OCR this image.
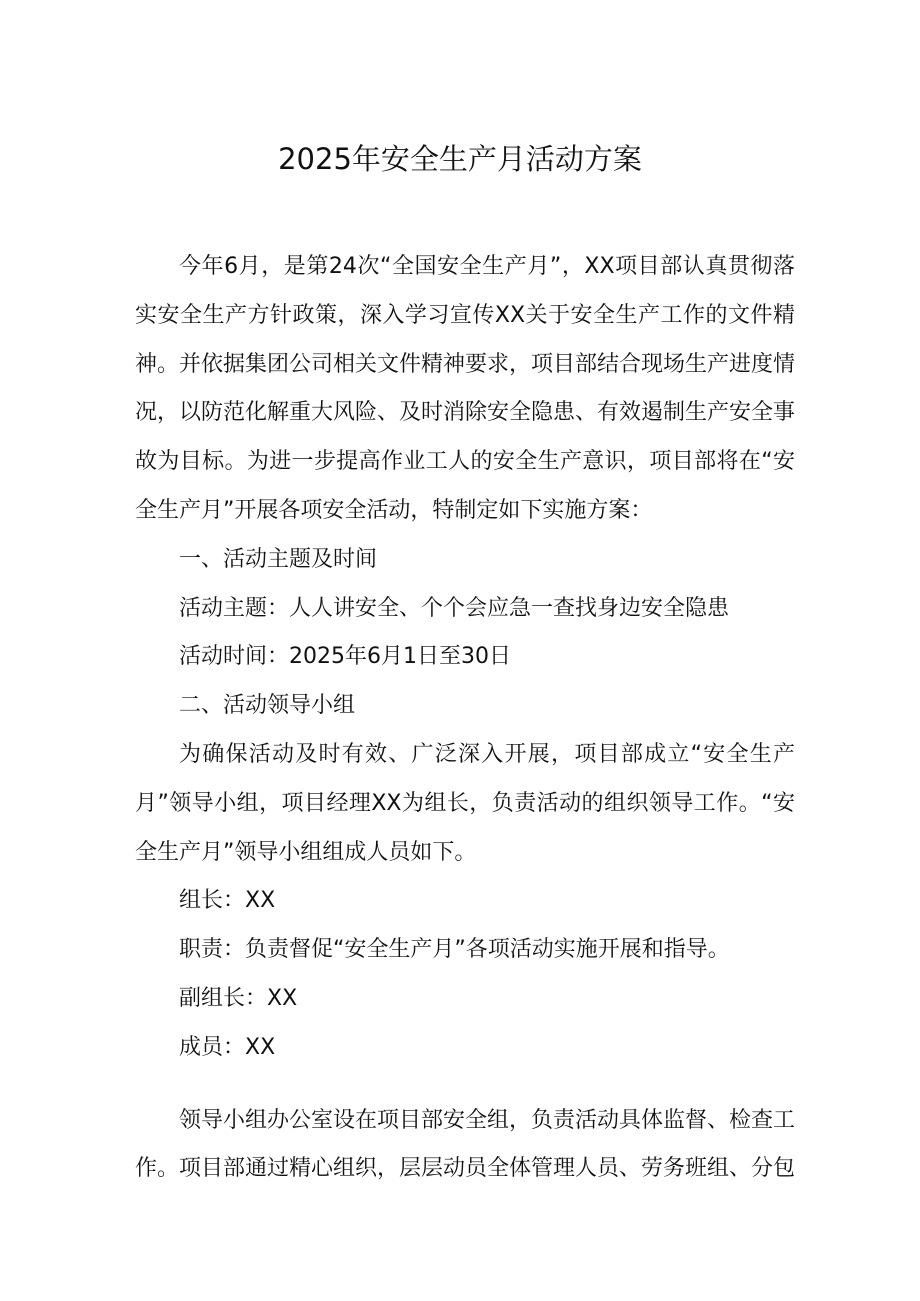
2025年安全生产月活动方案

今年6月，是第24次“全国安全生产月”，XX项目部认真贯彻落实安全生产方针政策，深入学习宣传XX关于安全生产工作的文件精神。并依据集团公司相关文件精神要求，项目部结合现场生产进度情况，以防范化解重大风险、及时消除安全隐患、有效遏制生产安全事故为目标。为进一步提高作业工人的安全生产意识，项目部将在“安全生产月”开展各项安全活动，特制定如下实施方案：

一、活动主题及时间

活动主题：人人讲安全、个个会应急一查找身边安全隐患

活动时间：2025年6月1日至30日

二、活动领导小组

为确保活动及时有效、广泛深入开展，项目部成立“安全生产月”领导小组，项目经理XX为组长，负责活动的组织领导工作。“安全生产月”领导小组组成人员如下。

组长：XX

职责：负责督促“安全生产月”各项活动实施开展和指导。

副组长：XX

成员：XX

领导小组办公室设在项目部安全组，负责活动具体监督、检查工作。项目部通过精心组织，层层动员全体管理人员、劳务班组、分包
